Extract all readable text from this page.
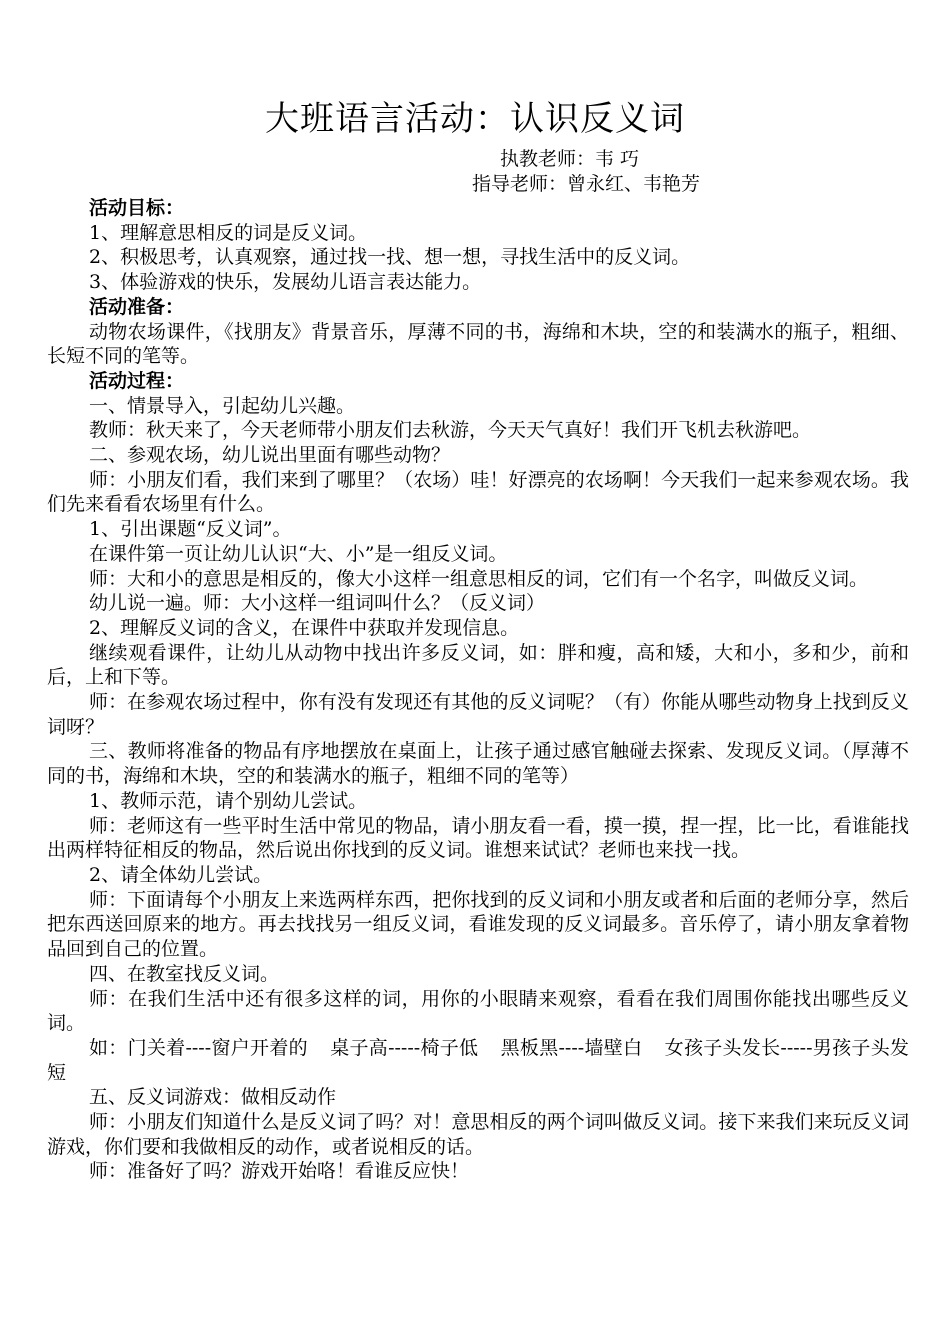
大班语言活动：认识反义词
执教老师：韦 巧
指导老师：曾永红、韦艳芳

活动目标：

1、理解意思相反的词是反义词。

2、积极思考，认真观察，通过找一找、想一想，寻找生活中的反义词。

3、体验游戏的快乐，发展幼儿语言表达能力。

活动准备：

动物农场课件，《找朋友》背景音乐，厚薄不同的书，海绵和木块，空的和装满水的瓶子，粗细、长短不同的笔等。

活动过程：

一、情景导入，引起幼儿兴趣。

教师：秋天来了，今天老师带小朋友们去秋游，今天天气真好！我们开飞机去秋游吧。

二、参观农场，幼儿说出里面有哪些动物？

师：小朋友们看，我们来到了哪里？（农场）哇！好漂亮的农场啊！今天我们一起来参观农场。我们先来看看农场里有什么。

1、引出课题“反义词”。

在课件第一页让幼儿认识“大、小”是一组反义词。

师：大和小的意思是相反的，像大小这样一组意思相反的词，它们有一个名字，叫做反义词。

幼儿说一遍。师：大小这样一组词叫什么？（反义词）

2、理解反义词的含义，在课件中获取并发现信息。

继续观看课件，让幼儿从动物中找出许多反义词，如：胖和瘦，高和矮，大和小，多和少，前和后，上和下等。

师：在参观农场过程中，你有没有发现还有其他的反义词呢？（有）你能从哪些动物身上找到反义词呀？

三、教师将准备的物品有序地摆放在桌面上，让孩子通过感官触碰去探索、发现反义词。（厚薄不同的书，海绵和木块，空的和装满水的瓶子，粗细不同的笔等）

1、教师示范，请个别幼儿尝试。

师：老师这有一些平时生活中常见的物品，请小朋友看一看，摸一摸，捏一捏，比一比，看谁能找出两样特征相反的物品，然后说出你找到的反义词。谁想来试试？老师也来找一找。

2、请全体幼儿尝试。

师：下面请每个小朋友上来选两样东西，把你找到的反义词和小朋友或者和后面的老师分享，然后把东西送回原来的地方。再去找找另一组反义词，看谁发现的反义词最多。音乐停了，请小朋友拿着物品回到自己的位置。

四、在教室找反义词。

师：在我们生活中还有很多这样的词，用你的小眼睛来观察，看看在我们周围你能找出哪些反义词。

如：门关着----窗户开着的 桌子高-----椅子低 黑板黑----墙壁白 女孩子头发长-----男孩子头发短

五、反义词游戏：做相反动作

师：小朋友们知道什么是反义词了吗？对！意思相反的两个词叫做反义词。接下来我们来玩反义词游戏，你们要和我做相反的动作，或者说相反的话。

师：准备好了吗？游戏开始咯！看谁反应快！
